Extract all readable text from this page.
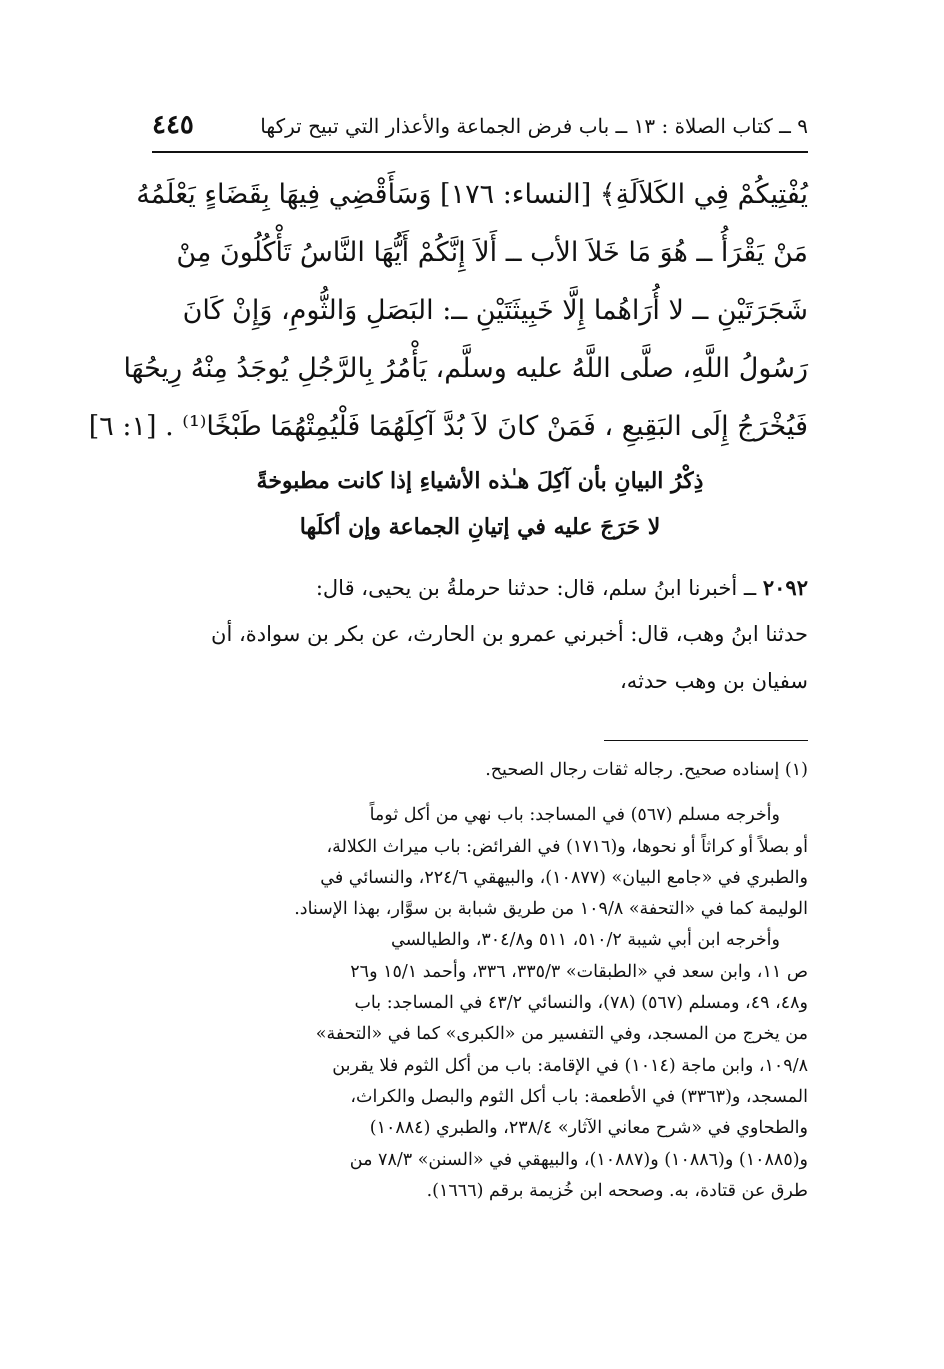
٩ ــ كتاب الصلاة : ١٣ ــ باب فرض الجماعة والأعذار التي تبيح تركها
٤٤٥
يُفْتِيكُمْ فِي الكَلاَلَةِ﴾ [النساء: ١٧٦] وَسَأَقْضِي فِيهَا بِقَضَاءٍ يَعْلَمُهُ
مَنْ يَقْرَأُ ــ هُوَ مَا خَلاَ الأب ــ أَلاَ إِنَّكُمْ أَيُّهَا النَّاسُ تَأْكُلُونَ مِنْ
شَجَرَتَيْنِ ــ لا أُرَاهُما إِلَّا خَبِيثَتَيْنِ ــ: البَصَلِ وَالثُّومِ، وَإِنْ كَانَ
رَسُولُ اللَّهِ، صلَّى اللَّهُ عليه وسلَّم، يَأْمُرُ بِالرَّجُلِ يُوجَدُ مِنْهُ رِيحُهَا
فَيُخْرَجُ إِلَى البَقِيعِ ، فَمَنْ كانَ لاَ بُدَّ آكِلَهُمَا فَلْيُمِتْهُمَا طَبْخًا⁽¹⁾ . [١: ٦]
ذِكْرُ البيانِ بأن آكِلَ هـٰذه الأشياءِ إذا كانت مطبوخةً
لا حَرَجَ عليه في إتيانِ الجماعة وإن أكلَها
٢٠٩٢ ــ أخبرنا ابنُ سلم، قال: حدثنا حرملةُ بن يحيى، قال:
حدثنا ابنُ وهب، قال: أخبرني عمرو بن الحارث، عن بكر بن سوادة، أن
سفيان بن وهب حدثه،
(١) إسناده صحيح. رجاله ثقات رجال الصحيح.
وأخرجه مسلم (٥٦٧) في المساجد: باب نهي من أكل ثوماً
أو بصلاً أو كراثاً أو نحوها، و(١٧١٦) في الفرائض: باب ميراث الكلالة،
والطبري في «جامع البيان» (١٠٨٧٧)، والبيهقي ٢٢٤/٦، والنسائي في
الوليمة كما في «التحفة» ١٠٩/٨ من طريق شبابة بن سوَّار، بهذا الإسناد.
وأخرجه ابن أبي شيبة ٥١٠/٢، ٥١١ و٣٠٤/٨، والطيالسي
ص ١١، وابن سعد في «الطبقات» ٣٣٥/٣، ٣٣٦، وأحمد ١٥/١ و٢٦
و٤٨، ٤٩، ومسلم (٥٦٧) (٧٨)، والنسائي ٤٣/٢ في المساجد: باب
من يخرج من المسجد، وفي التفسير من «الكبرى» كما في «التحفة»
١٠٩/٨، وابن ماجة (١٠١٤) في الإقامة: باب من أكل الثوم فلا يقربن
المسجد، و(٣٣٦٣) في الأطعمة: باب أكل الثوم والبصل والكراث،
والطحاوي في «شرح معاني الآثار» ٢٣٨/٤، والطبري (١٠٨٨٤)
و(١٠٨٨٥) و(١٠٨٨٦) و(١٠٨٨٧)، والبيهقي في «السنن» ٧٨/٣ من
طرق عن قتادة، به. وصححه ابن خُزيمة برقم (١٦٦٦).
